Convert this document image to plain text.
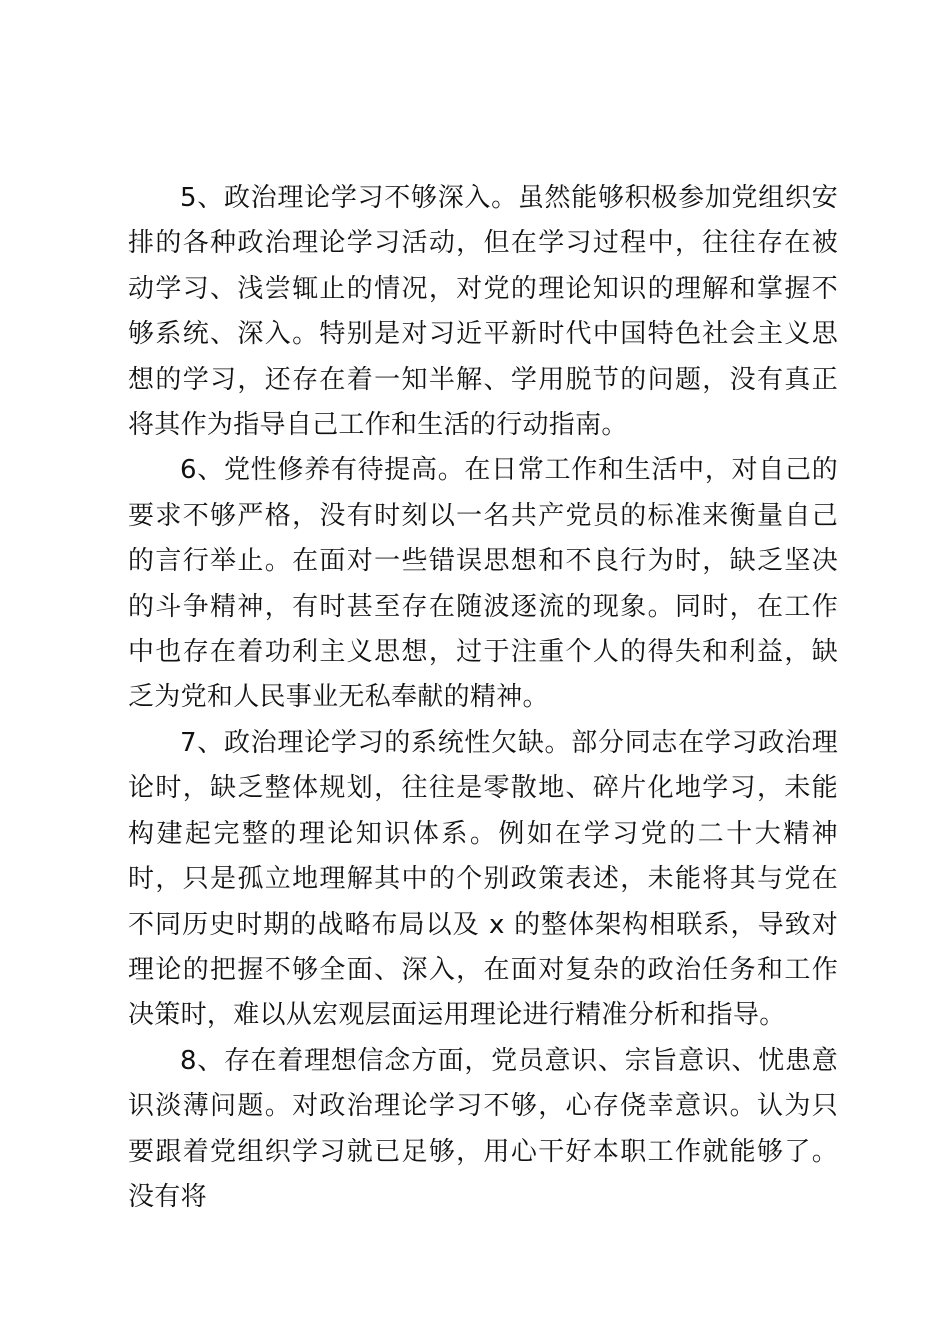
5、政治理论学习不够深入。虽然能够积极参加党组织安排的各种政治理论学习活动，但在学习过程中，往往存在被动学习、浅尝辄止的情况，对党的理论知识的理解和掌握不够系统、深入。特别是对习近平新时代中国特色社会主义思想的学习，还存在着一知半解、学用脱节的问题，没有真正将其作为指导自己工作和生活的行动指南。

6、党性修养有待提高。在日常工作和生活中，对自己的要求不够严格，没有时刻以一名共产党员的标准来衡量自己的言行举止。在面对一些错误思想和不良行为时，缺乏坚决的斗争精神，有时甚至存在随波逐流的现象。同时，在工作中也存在着功利主义思想，过于注重个人的得失和利益，缺乏为党和人民事业无私奉献的精神。

7、政治理论学习的系统性欠缺。部分同志在学习政治理论时，缺乏整体规划，往往是零散地、碎片化地学习，未能构建起完整的理论知识体系。例如在学习党的二十大精神时，只是孤立地理解其中的个别政策表述，未能将其与党在不同历史时期的战略布局以及 x 的整体架构相联系，导致对理论的把握不够全面、深入，在面对复杂的政治任务和工作决策时，难以从宏观层面运用理论进行精准分析和指导。

8、存在着理想信念方面，党员意识、宗旨意识、忧患意识淡薄问题。对政治理论学习不够，心存侥幸意识。认为只要跟着党组织学习就已足够，用心干好本职工作就能够了。没有将
